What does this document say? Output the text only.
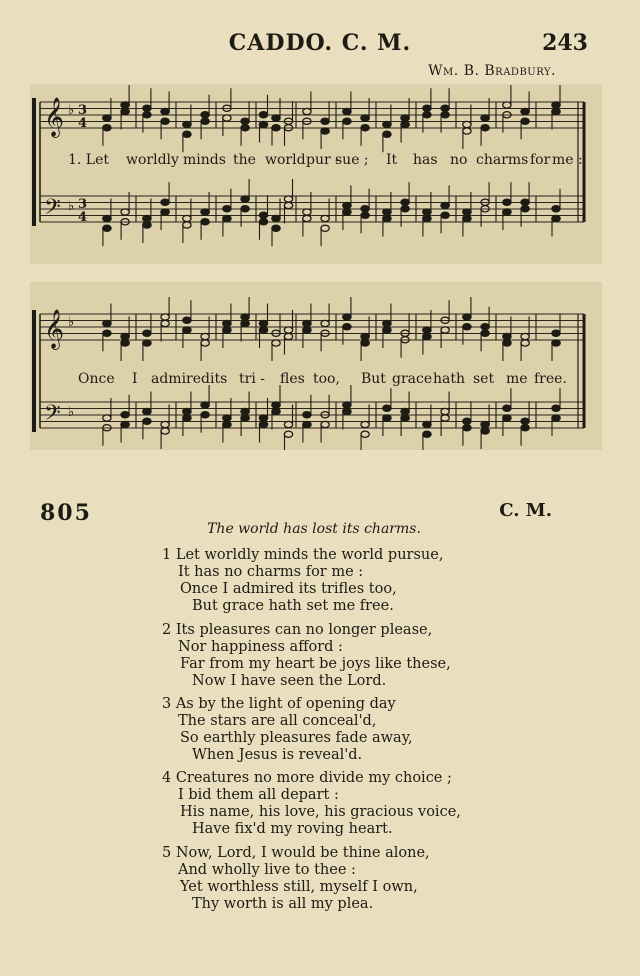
CADDO. C. M.	243
Wm. B. Bradbury.
𝄞
𝄢
♭
♭
3
3
4
4
1. Let worldly minds the world pur -
sue ; It has no charms for me :
𝄞
𝄢
♭
♭
Once I admired its tri - fles too, But grace hath set me free.
805	C. M.
The world has lost its charms.
1 Let worldly minds the world pursue,
It has no charms for me :
Once I admired its trifles too,
But grace hath set me free.
2 Its pleasures can no longer please,
Nor happiness afford :
Far from my heart be joys like these,
Now I have seen the Lord.
3 As by the light of opening day
The stars are all conceal'd,
So earthly pleasures fade away,
When Jesus is reveal'd.
4 Creatures no more divide my choice ;
I bid them all depart :
His name, his love, his gracious voice,
Have fix'd my roving heart.
5 Now, Lord, I would be thine alone,
And wholly live to thee :
Yet worthless still, myself I own,
Thy worth is all my plea.
